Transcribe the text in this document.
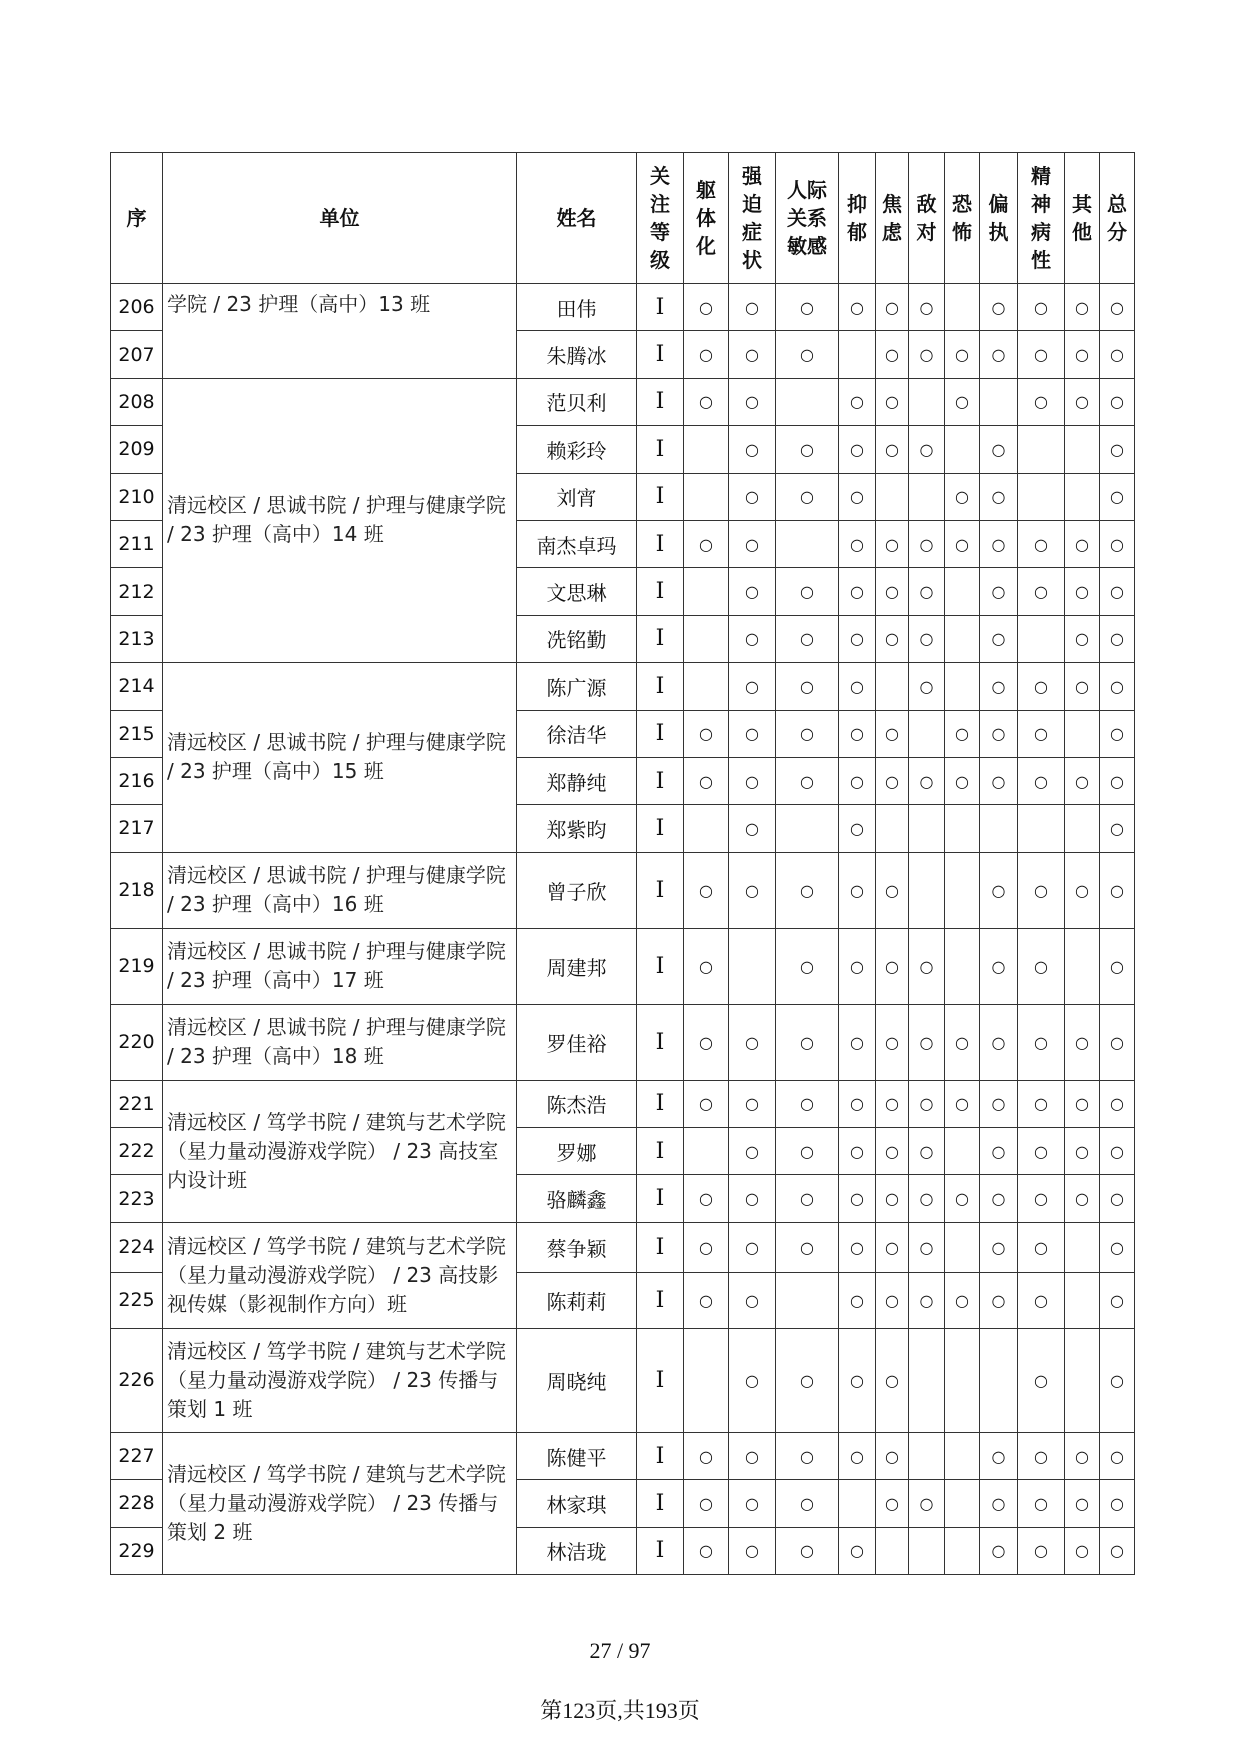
序	单位	姓名	关注等级	躯体化	强迫症状	人际关系敏感	抑郁	焦虑	敌对	恐怖	偏执	精神病性	其他	总分
206	学院 / 23 护理（高中）13 班	田伟	I	○	○	○	○	○	○		○	○	○	○
207		朱腾冰	I	○	○	○		○	○	○	○	○	○	○
208	清远校区 / 思诚书院 / 护理与健康学院 / 23 护理（高中）14 班	范贝利	I	○	○		○	○		○		○	○	○
209		赖彩玲	I		○	○	○	○	○		○			○
210		刘宵	I		○	○	○			○	○			○
211		南杰卓玛	I	○	○		○	○	○	○	○	○	○	○
212		文思琳	I		○	○	○	○	○		○	○	○	○
213		冼铭勤	I		○	○	○	○	○		○		○	○
214	清远校区 / 思诚书院 / 护理与健康学院 / 23 护理（高中）15 班	陈广源	I		○	○	○		○		○	○	○	○
215		徐洁华	I	○	○	○	○	○		○	○	○		○
216		郑静纯	I	○	○	○	○	○	○	○	○	○	○	○
217		郑紫昀	I		○		○							○
218	清远校区 / 思诚书院 / 护理与健康学院 / 23 护理（高中）16 班	曾子欣	I	○	○	○	○	○			○	○	○	○
219	清远校区 / 思诚书院 / 护理与健康学院 / 23 护理（高中）17 班	周建邦	I	○		○	○	○	○		○	○		○
220	清远校区 / 思诚书院 / 护理与健康学院 / 23 护理（高中）18 班	罗佳裕	I	○	○	○	○	○	○	○	○	○	○	○
221	清远校区 / 笃学书院 / 建筑与艺术学院（星力量动漫游戏学院） / 23 高技室内设计班	陈杰浩	I	○	○	○	○	○	○	○	○	○	○	○
222		罗娜	I		○	○	○	○	○		○	○	○	○
223		骆麟鑫	I	○	○	○	○	○	○	○	○	○	○	○
224	清远校区 / 笃学书院 / 建筑与艺术学院（星力量动漫游戏学院） / 23 高技影视传媒（影视制作方向）班	蔡争颖	I	○	○	○	○	○	○		○	○		○
225		陈莉莉	I	○	○		○	○	○	○	○	○		○
226	清远校区 / 笃学书院 / 建筑与艺术学院（星力量动漫游戏学院） / 23 传播与策划 1 班	周晓纯	I		○	○	○	○				○		○
227	清远校区 / 笃学书院 / 建筑与艺术学院（星力量动漫游戏学院） / 23 传播与策划 2 班	陈健平	I	○	○	○	○	○			○	○	○	○
228		林家琪	I	○	○	○		○	○		○	○	○	○
229		林洁珑	I	○	○	○	○				○	○	○	○
27 / 97
第123页,共193页
